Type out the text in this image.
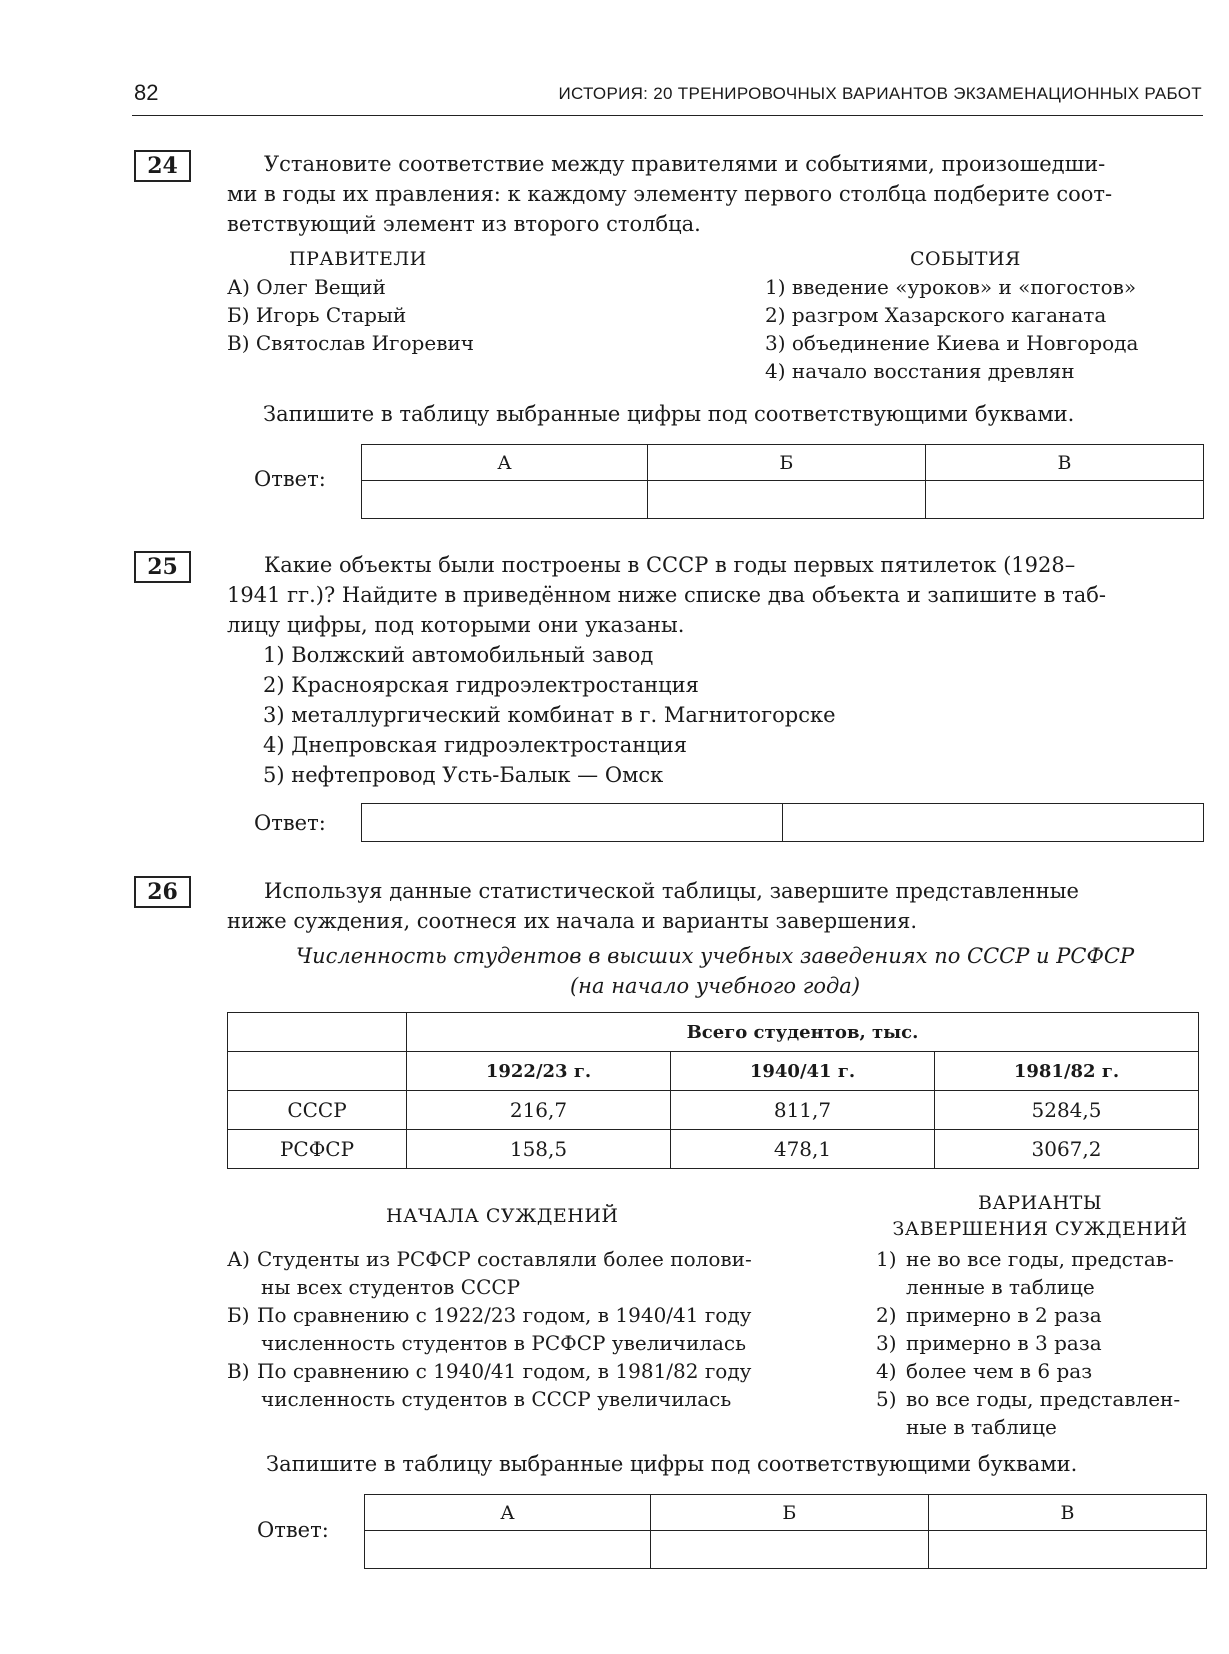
82	ИСТОРИЯ: 20 ТРЕНИРОВОЧНЫХ ВАРИАНТОВ ЭКЗАМЕНАЦИОННЫХ РАБОТ
24	Установите соответствие между правителями и событиями, произошедши-
ми в годы их правления: к каждому элементу первого столбца подберите соот-
ветствующий элемент из второго столбца.
ПРАВИТЕЛИ	СОБЫТИЯ
А) Олег Вещий
Б) Игорь Старый
В) Святослав Игоревич
1) введение «уроков» и «погостов»
2) разгром Хазарского каганата
3) объединение Киева и Новгорода
4) начало восстания древлян
Запишите в таблицу выбранные цифры под соответствующими буквами.
Ответ:
А	Б	В

25	Какие объекты были построены в СССР в годы первых пятилеток (1928–
1941 гг.)? Найдите в приведённом ниже списке два объекта и запишите в таб-
лицу цифры, под которыми они указаны.
1) Волжский автомобильный завод
2) Красноярская гидроэлектростанция
3) металлургический комбинат в г. Магнитогорске
4) Днепровская гидроэлектростанция
5) нефтепровод Усть-Балык — Омск
Ответ:

26	Используя данные статистической таблицы, завершите представленные
ниже суждения, соотнеся их начала и варианты завершения.
Численность студентов в высших учебных заведениях по СССР и РСФСР
(на начало учебного года)
	Всего студентов, тыс.		
	1922/23 г.	1940/41 г.	1981/82 г.
СССР	216,7	811,7	5284,5
РСФСР	158,5	478,1	3067,2
НАЧАЛА СУЖДЕНИЙ
ВАРИАНТЫ
ЗАВЕРШЕНИЯ СУЖДЕНИЙ
А) Студенты из РСФСР составляли более полови-
ны всех студентов СССР
Б) По сравнению с 1922/23 годом, в 1940/41 году
численность студентов в РСФСР увеличилась
В) По сравнению с 1940/41 годом, в 1981/82 году
численность студентов в СССР увеличилась
1) не во все годы, представ-
ленные в таблице
2) примерно в 2 раза
3) примерно в 3 раза
4) более чем в 6 раз
5) во все годы, представлен-
ные в таблице
Запишите в таблицу выбранные цифры под соответствующими буквами.
Ответ:
А	Б	В
